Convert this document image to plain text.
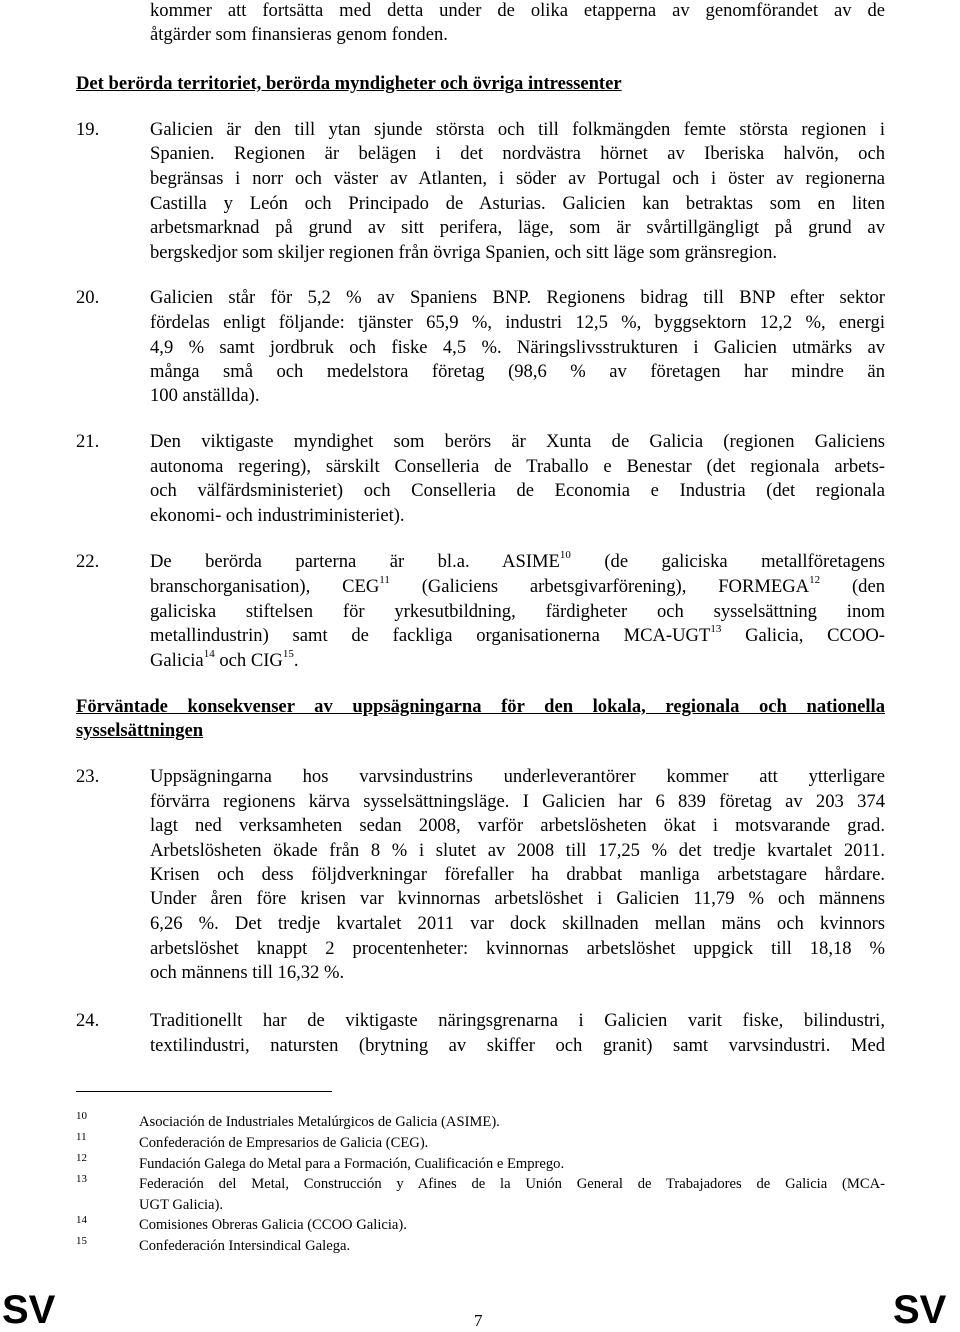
kommer att fortsätta med detta under de olika etapperna av genomförandet av de
åtgärder som finansieras genom fonden.
Det berörda territoriet, berörda myndigheter och övriga intressenter
19.	Galicien är den till ytan sjunde största och till folkmängden femte största regionen i
Spanien. Regionen är belägen i det nordvästra hörnet av Iberiska halvön, och
begränsas i norr och väster av Atlanten, i söder av Portugal och i öster av regionerna
Castilla y León och Principado de Asturias. Galicien kan betraktas som en liten
arbetsmarknad på grund av sitt perifera, läge, som är svårtillgängligt på grund av
bergskedjor som skiljer regionen från övriga Spanien, och sitt läge som gränsregion.
20.	Galicien står för 5,2 % av Spaniens BNP. Regionens bidrag till BNP efter sektor
fördelas enligt följande: tjänster 65,9 %, industri 12,5 %, byggsektorn 12,2 %, energi
4,9 % samt jordbruk och fiske 4,5 %. Näringslivsstrukturen i Galicien utmärks av
många små och medelstora företag (98,6 % av företagen har mindre än
100 anställda).
21.	Den viktigaste myndighet som berörs är Xunta de Galicia (regionen Galiciens
autonoma regering), särskilt Conselleria de Traballo e Benestar (det regionala arbets-
och välfärdsministeriet) och Conselleria de Economia e Industria (det regionala
ekonomi- och industriministeriet).
22.	De berörda parterna är bl.a. ASIME$^{10}$ (de galiciska metallföretagens
branschorganisation), CEG$^{11}$ (Galiciens arbetsgivarförening), FORMEGA$^{12}$ (den
galiciska stiftelsen för yrkesutbildning, färdigheter och sysselsättning inom
metallindustrin) samt de fackliga organisationerna MCA-UGT$^{13}$ Galicia, CCOO-
Galicia$^{14}$ och CIG$^{15}$.
Förväntade konsekvenser av uppsägningarna för den lokala, regionala och nationella
sysselsättningen
23.	Uppsägningarna hos varvsindustrins underleverantörer kommer att ytterligare
förvärra regionens kärva sysselsättningsläge. I Galicien har 6 839 företag av 203 374
lagt ned verksamheten sedan 2008, varför arbetslösheten ökat i motsvarande grad.
Arbetslösheten ökade från 8 % i slutet av 2008 till 17,25 % det tredje kvartalet 2011.
Krisen och dess följdverkningar förefaller ha drabbat manliga arbetstagare hårdare.
Under åren före krisen var kvinnornas arbetslöshet i Galicien 11,79 % och männens
6,26 %. Det tredje kvartalet 2011 var dock skillnaden mellan mäns och kvinnors
arbetslöshet knappt 2 procentenheter: kvinnornas arbetslöshet uppgick till 18,18 %
och männens till 16,32 %.
24.	Traditionellt har de viktigaste näringsgrenarna i Galicien varit fiske, bilindustri,
textilindustri, natursten (brytning av skiffer och granit) samt varvsindustri. Med
10	Asociación de Industriales Metalúrgicos de Galicia (ASIME).
11	Confederación de Empresarios de Galicia (CEG).
12	Fundación Galega do Metal para a Formación, Cualificación e Emprego.
13	Federación del Metal, Construcción y Afines de la Unión General de Trabajadores de Galicia (MCA-
UGT Galicia).
14	Comisiones Obreras Galicia (CCOO Galicia).
15	Confederación Intersindical Galega.
SV	7	SV
